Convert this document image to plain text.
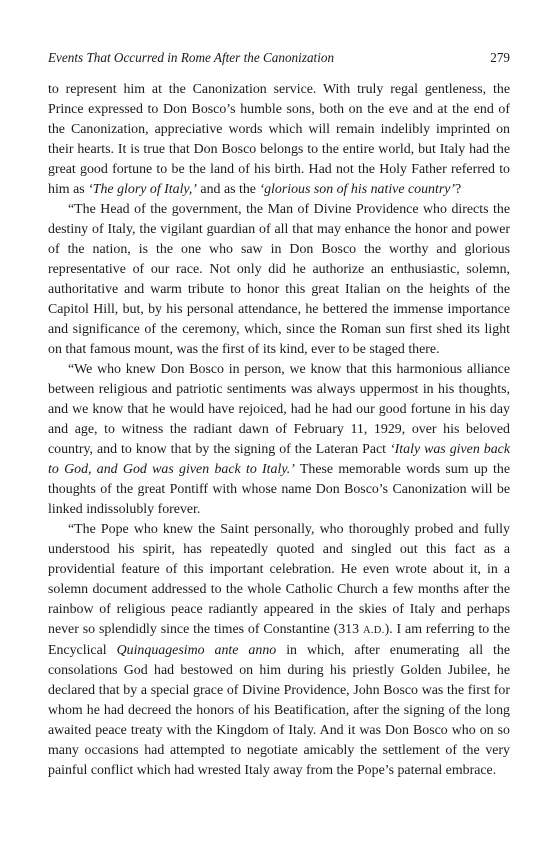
Events That Occurred in Rome After the Canonization	279

to represent him at the Canonization service. With truly regal gentleness, the Prince expressed to Don Bosco’s humble sons, both on the eve and at the end of the Canonization, appreciative words which will remain indelibly imprinted on their hearts. It is true that Don Bosco belongs to the entire world, but Italy had the great good fortune to be the land of his birth. Had not the Holy Father referred to him as ‘The glory of Italy,’ and as the ‘glorious son of his native country’?

“The Head of the government, the Man of Divine Providence who directs the destiny of Italy, the vigilant guardian of all that may enhance the honor and power of the nation, is the one who saw in Don Bosco the worthy and glorious representative of our race. Not only did he authorize an enthusiastic, solemn, authoritative and warm tribute to honor this great Italian on the heights of the Capitol Hill, but, by his personal attendance, he bettered the immense importance and significance of the ceremony, which, since the Roman sun first shed its light on that famous mount, was the first of its kind, ever to be staged there.

“We who knew Don Bosco in person, we know that this harmonious alliance between religious and patriotic sentiments was always uppermost in his thoughts, and we know that he would have rejoiced, had he had our good fortune in his day and age, to witness the radiant dawn of February 11, 1929, over his beloved country, and to know that by the signing of the Lateran Pact ‘Italy was given back to God, and God was given back to Italy.’ These memorable words sum up the thoughts of the great Pontiff with whose name Don Bosco’s Canonization will be linked indissolubly forever.

“The Pope who knew the Saint personally, who thoroughly probed and fully understood his spirit, has repeatedly quoted and singled out this fact as a providential feature of this important celebration. He even wrote about it, in a solemn document addressed to the whole Catholic Church a few months after the rainbow of religious peace radiantly appeared in the skies of Italy and perhaps never so splendidly since the times of Constantine (313 A.D.). I am referring to the Encyclical Quinquagesimo ante anno in which, after enumerating all the consolations God had bestowed on him during his priestly Golden Jubilee, he declared that by a special grace of Divine Providence, John Bosco was the first for whom he had decreed the honors of his Beatification, after the signing of the long awaited peace treaty with the Kingdom of Italy. And it was Don Bosco who on so many occasions had attempted to negotiate amicably the settlement of the very painful conflict which had wrested Italy away from the Pope’s paternal embrace.
